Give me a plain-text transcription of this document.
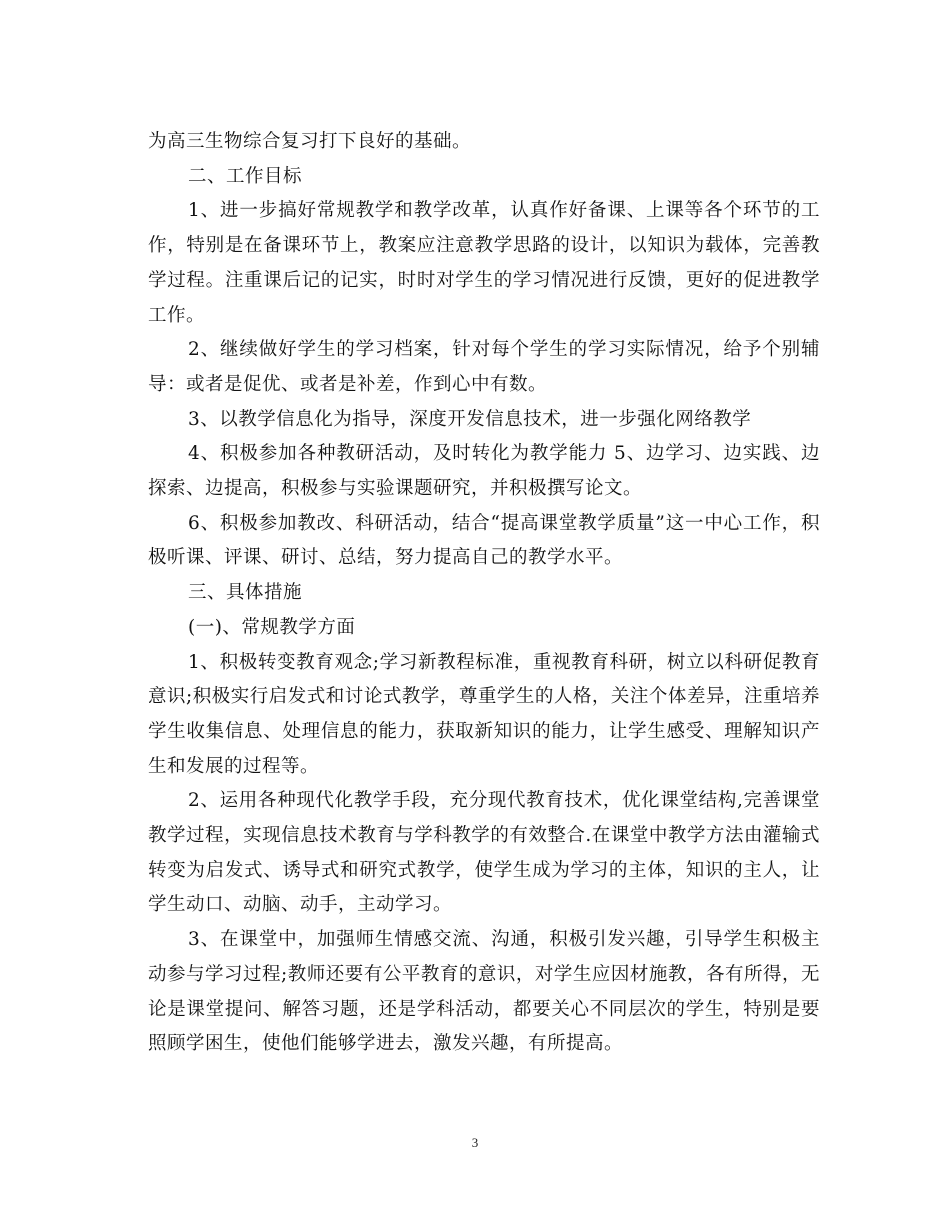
为高三生物综合复习打下良好的基础。

二、工作目标

1、进一步搞好常规教学和教学改革，认真作好备课、上课等各个环节的工作，特别是在备课环节上，教案应注意教学思路的设计，以知识为载体，完善教学过程。注重课后记的记实，时时对学生的学习情况进行反馈，更好的促进教学工作。

2、继续做好学生的学习档案，针对每个学生的学习实际情况，给予个别辅导：或者是促优、或者是补差，作到心中有数。

3、以教学信息化为指导，深度开发信息技术，进一步强化网络教学

4、积极参加各种教研活动，及时转化为教学能力 5、边学习、边实践、边探索、边提高，积极参与实验课题研究，并积极撰写论文。

6、积极参加教改、科研活动，结合“提高课堂教学质量”这一中心工作，积极听课、评课、研讨、总结，努力提高自己的教学水平。

三、具体措施

(一)、常规教学方面

1、积极转变教育观念;学习新教程标准，重视教育科研，树立以科研促教育意识;积极实行启发式和讨论式教学，尊重学生的人格，关注个体差异，注重培养学生收集信息、处理信息的能力，获取新知识的能力，让学生感受、理解知识产生和发展的过程等。

2、运用各种现代化教学手段，充分现代教育技术，优化课堂结构,完善课堂教学过程，实现信息技术教育与学科教学的有效整合.在课堂中教学方法由灌输式转变为启发式、诱导式和研究式教学，使学生成为学习的主体，知识的主人，让学生动口、动脑、动手，主动学习。

3、在课堂中，加强师生情感交流、沟通，积极引发兴趣，引导学生积极主动参与学习过程;教师还要有公平教育的意识，对学生应因材施教，各有所得，无论是课堂提问、解答习题，还是学科活动，都要关心不同层次的学生，特别是要照顾学困生，使他们能够学进去，激发兴趣，有所提高。

3
